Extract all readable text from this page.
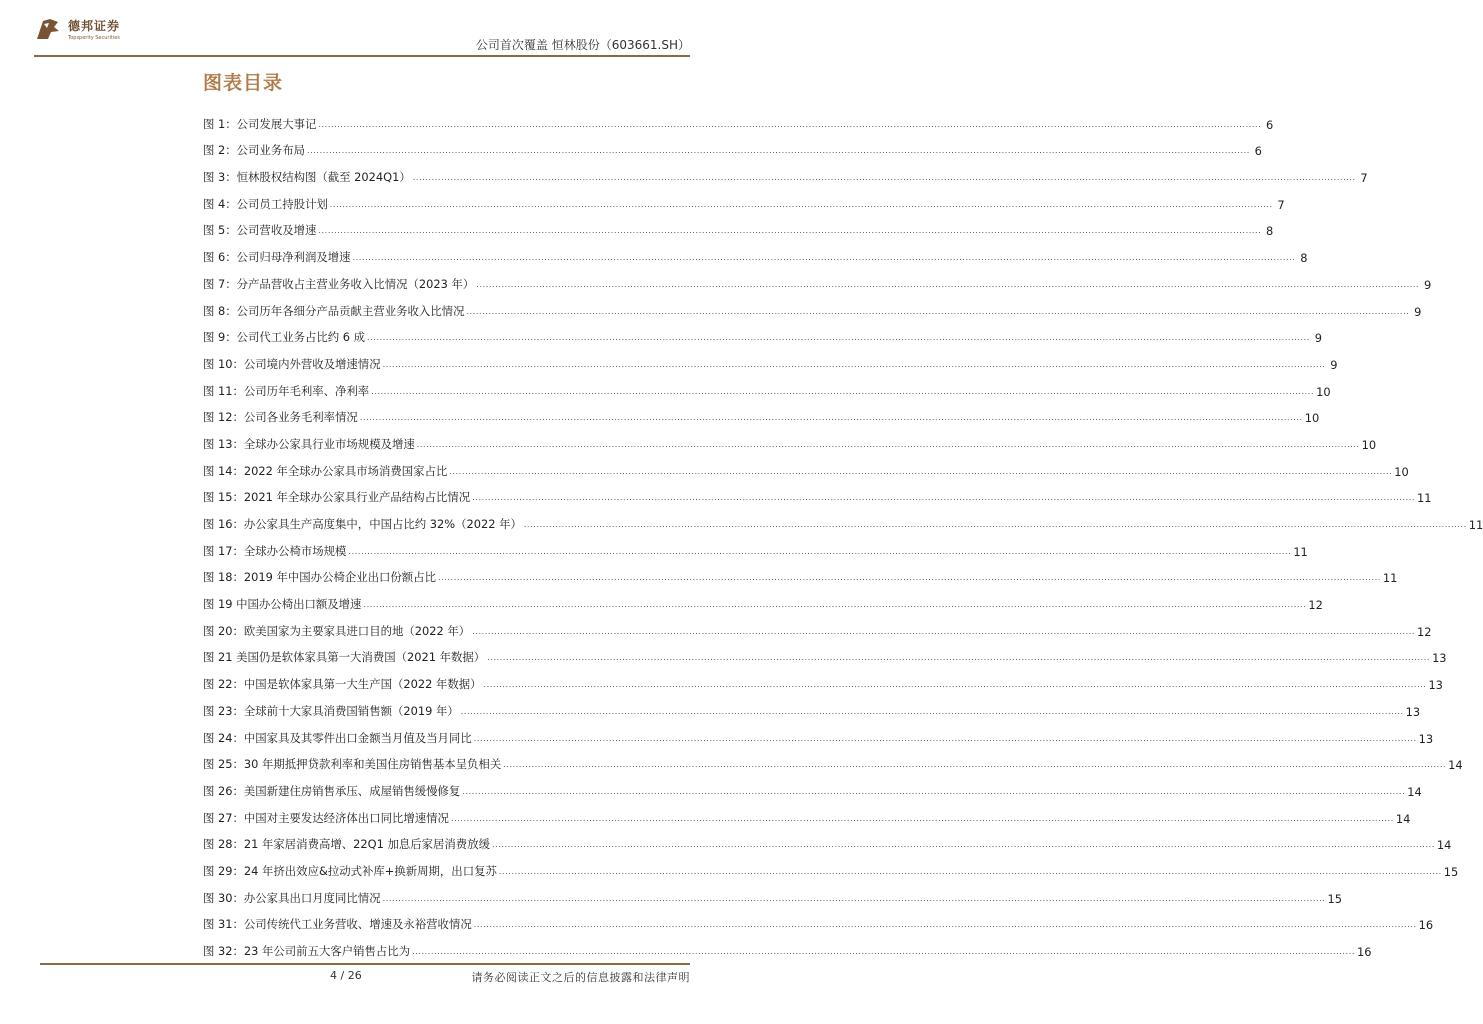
德邦证券
Topsperity Securities	公司首次覆盖 恒林股份（603661.SH）
图表目录
图 1：公司发展大事记 ............................................................................................................................................................................................................................................................................................................ 6
图 2：公司业务布局 ............................................................................................................................................................................................................................................................................................................ 6
图 3：恒林股权结构图（截至 2024Q1） ............................................................................................................................................................................................................................................................................................................ 7
图 4：公司员工持股计划 ............................................................................................................................................................................................................................................................................................................ 7
图 5：公司营收及增速 ............................................................................................................................................................................................................................................................................................................ 8
图 6：公司归母净利润及增速 ............................................................................................................................................................................................................................................................................................................ 8
图 7：分产品营收占主营业务收入比情况（2023 年） ............................................................................................................................................................................................................................................................................................................ 9
图 8：公司历年各细分产品贡献主营业务收入比情况 ............................................................................................................................................................................................................................................................................................................ 9
图 9：公司代工业务占比约 6 成 ............................................................................................................................................................................................................................................................................................................ 9
图 10：公司境内外营收及增速情况 ............................................................................................................................................................................................................................................................................................................ 9
图 11：公司历年毛利率、净利率 ............................................................................................................................................................................................................................................................................................................ 10
图 12：公司各业务毛利率情况 ............................................................................................................................................................................................................................................................................................................ 10
图 13：全球办公家具行业市场规模及增速 ............................................................................................................................................................................................................................................................................................................ 10
图 14：2022 年全球办公家具市场消费国家占比 ............................................................................................................................................................................................................................................................................................................ 10
图 15：2021 年全球办公家具行业产品结构占比情况 ............................................................................................................................................................................................................................................................................................................ 11
图 16：办公家具生产高度集中，中国占比约 32%（2022 年） ............................................................................................................................................................................................................................................................................................................ 11
图 17：全球办公椅市场规模 ............................................................................................................................................................................................................................................................................................................ 11
图 18：2019 年中国办公椅企业出口份额占比 ............................................................................................................................................................................................................................................................................................................ 11
图 19 中国办公椅出口额及增速 ............................................................................................................................................................................................................................................................................................................ 12
图 20：欧美国家为主要家具进口目的地（2022 年） ............................................................................................................................................................................................................................................................................................................ 12
图 21 美国仍是软体家具第一大消费国（2021 年数据） ............................................................................................................................................................................................................................................................................................................ 13
图 22：中国是软体家具第一大生产国（2022 年数据） ............................................................................................................................................................................................................................................................................................................ 13
图 23：全球前十大家具消费国销售额（2019 年） ............................................................................................................................................................................................................................................................................................................ 13
图 24：中国家具及其零件出口金额当月值及当月同比 ............................................................................................................................................................................................................................................................................................................ 13
图 25：30 年期抵押贷款利率和美国住房销售基本呈负相关 ............................................................................................................................................................................................................................................................................................................ 14
图 26：美国新建住房销售承压、成屋销售缓慢修复 ............................................................................................................................................................................................................................................................................................................ 14
图 27：中国对主要发达经济体出口同比增速情况 ............................................................................................................................................................................................................................................................................................................ 14
图 28：21 年家居消费高增、22Q1 加息后家居消费放缓 ............................................................................................................................................................................................................................................................................................................ 14
图 29：24 年挤出效应&拉动式补库+换新周期，出口复苏 ............................................................................................................................................................................................................................................................................................................ 15
图 30：办公家具出口月度同比情况 ............................................................................................................................................................................................................................................................................................................ 15
图 31：公司传统代工业务营收、增速及永裕营收情况 ............................................................................................................................................................................................................................................................................................................ 16
图 32：23 年公司前五大客户销售占比为 ............................................................................................................................................................................................................................................................................................................ 16
4 / 26	请务必阅读正文之后的信息披露和法律声明
